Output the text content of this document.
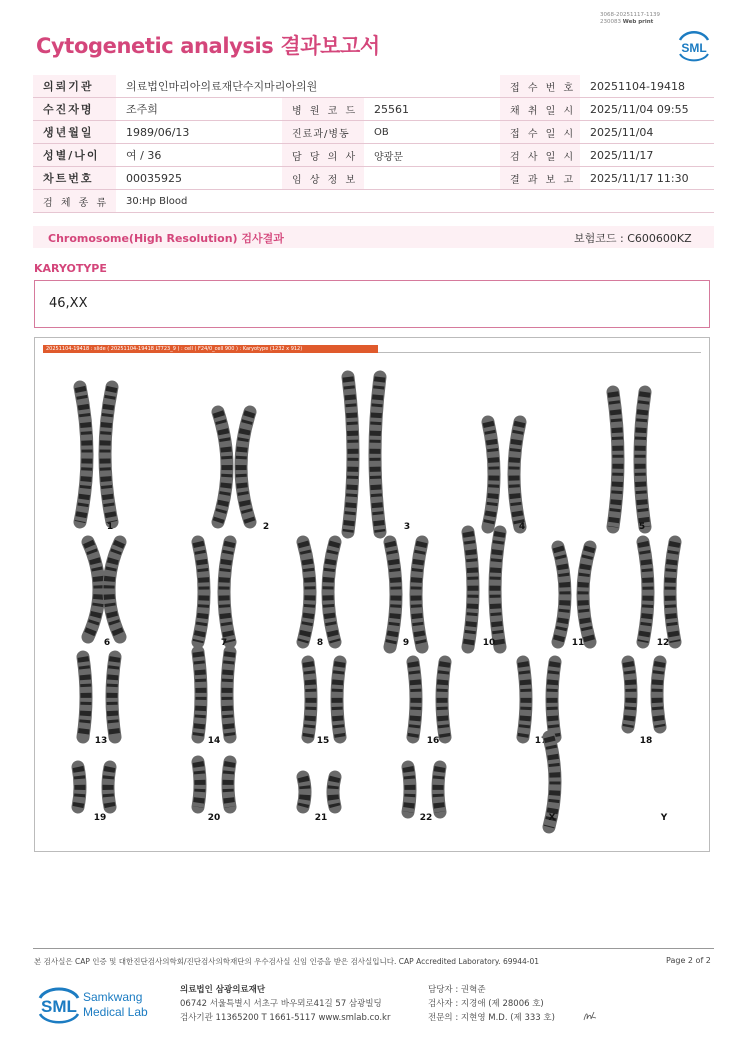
3068-20251117-1139
230083 Web print
Cytogenetic analysis 결과보고서	SML
의뢰기관	의료법인마리아의료재단수지마리아의원			접 수 번 호	20251104-19418
수진자명	조주희	병 원 코 드	25561	채 취 일 시	2025/11/04 09:55
생년월일	1989/06/13	진료과/병동	OB	접 수 일 시	2025/11/04
성별/나이	여 / 36	담 당 의 사	양광문	검 사 일 시	2025/11/17
차트번호	00035925	임 상 정 보		결 과 보 고	2025/11/17 11:30
검 체 종 류	30:Hp Blood				
Chromosome(High Resolution) 검사결과	보험코드 : C600600KZ
KARYOTYPE
46,XX
1	2	3	4	5
6	7	8	9	10	11	12
13	14	15	16	17	18
19	20	21	22	X	Y
20251104-19418 : slide ( 20251104-19418 LT723_9 ) : cell ( F24/0_cell 900 ) : Karyotype (1232 x 912)
본 검사실은 CAP 인증 및 대한진단검사의학회/진단검사의학재단의 우수검사실 신임 인증을 받은 검사실입니다. CAP Accredited Laboratory. 69944-01	Page 2 of 2
SML Samkwang
Medical Lab
의료법인 삼광의료재단
06742 서울특별시 서초구 바우뫼로41길 57 삼광빌딩
검사기관 11365200 T 1661-5117 www.smlab.co.kr
담당자 : 권혁준
검사자 : 지경애 (제 28006 호)
전문의 : 지현영 M.D. (제 333 호)
